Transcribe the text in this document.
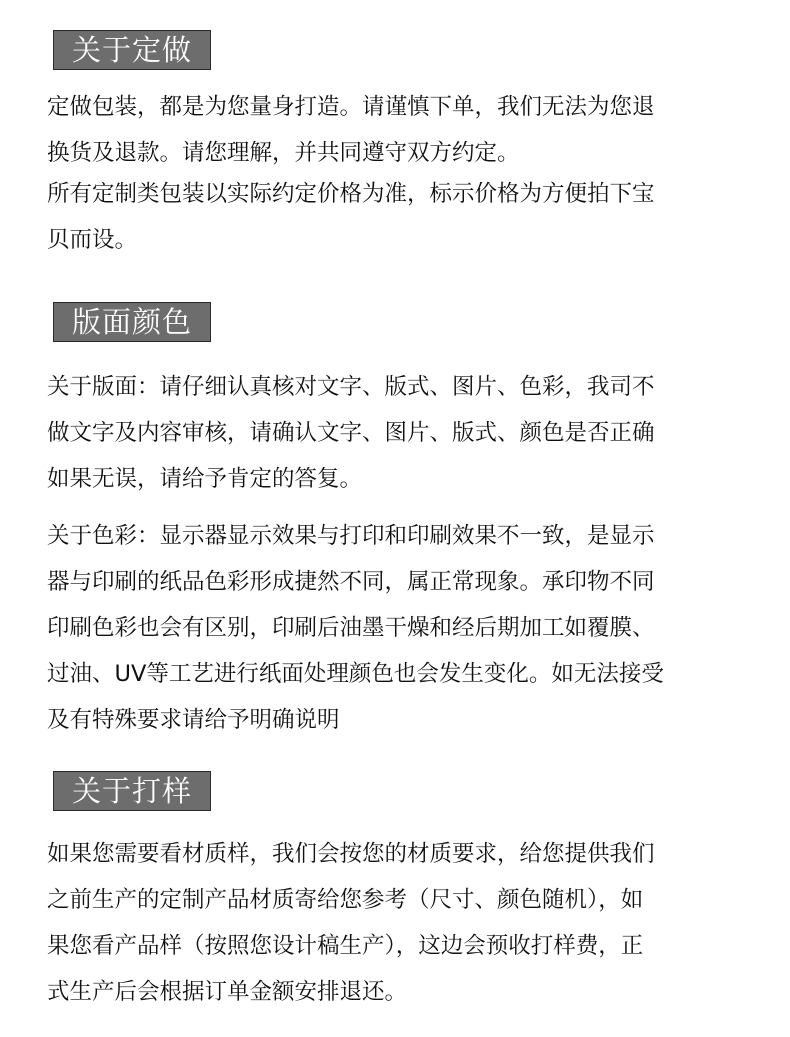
关于定做

定做包装，都是为您量身打造。请谨慎下单，我们无法为您退
换货及退款。请您理解，并共同遵守双方约定。

所有定制类包装以实际约定价格为准，标示价格为方便拍下宝
贝而设。

版面颜色

关于版面：请仔细认真核对文字、版式、图片、色彩，我司不
做文字及内容审核，请确认文字、图片、版式、颜色是否正确
如果无误，请给予肯定的答复。

关于色彩：显示器显示效果与打印和印刷效果不一致，是显示
器与印刷的纸品色彩形成捷然不同，属正常现象。承印物不同
印刷色彩也会有区别，印刷后油墨干燥和经后期加工如覆膜、
过油、UV等工艺进行纸面处理颜色也会发生变化。如无法接受
及有特殊要求请给予明确说明

关于打样

如果您需要看材质样，我们会按您的材质要求，给您提供我们
之前生产的定制产品材质寄给您参考（尺寸、颜色随机），如
果您看产品样（按照您设计稿生产），这边会预收打样费，正
式生产后会根据订单金额安排退还。
